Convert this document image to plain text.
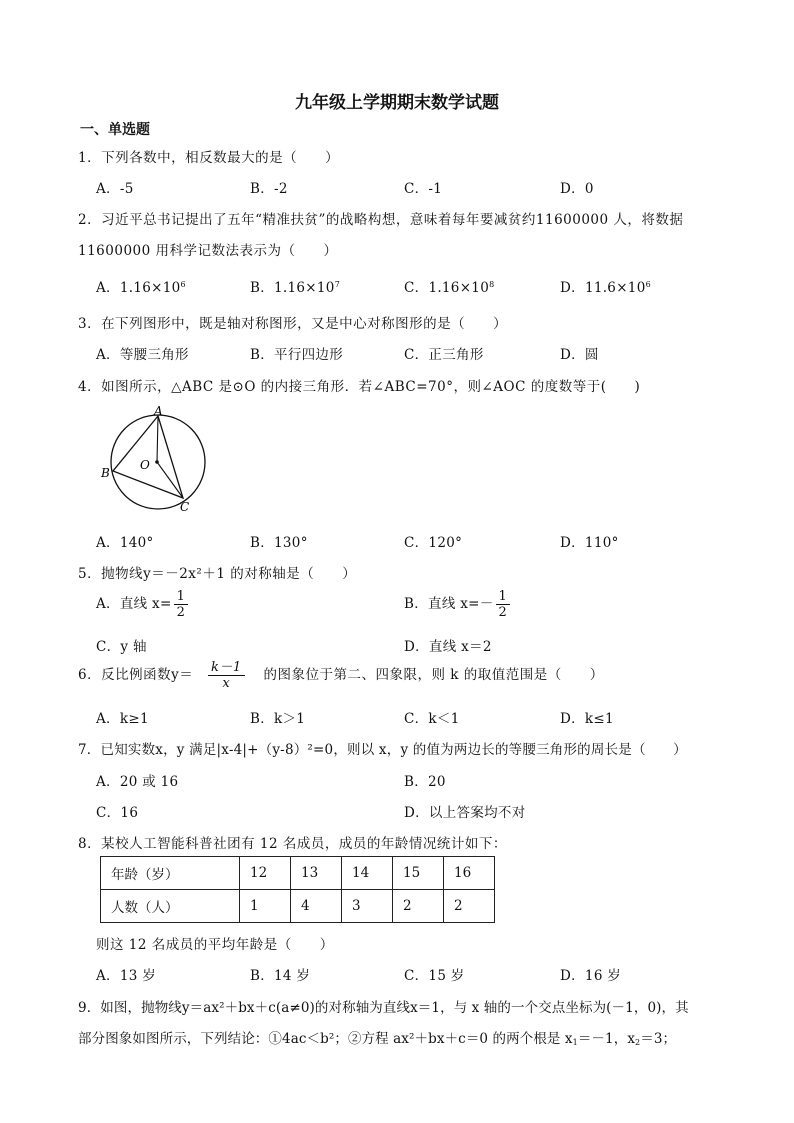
九年级上学期期末数学试题
一、单选题
1．下列各数中，相反数最大的是（　　）
A．-5	B．-2	C．-1	D．0
2．习近平总书记提出了五年“精准扶贫”的战略构想，意味着每年要减贫约11600000 人，将数据
11600000 用科学记数法表示为（　　）
A．$1.16\times 10^6$	B．$1.16\times 10^7$	C．$1.16\times 10^8$	D．$11.6\times 10^6$
3．在下列图形中，既是轴对称图形，又是中心对称图形的是（　　）
A．等腰三角形	B．平行四边形	C．正三角形	D．圆
4．如图所示，△ABC 是⊙O 的内接三角形．若∠ABC=70°，则∠AOC 的度数等于(　　)
A
B
C
O
A．140°	B．130°	C．120°	D．110°
5．抛物线y＝－2x²＋1 的对称轴是（　　）
A．直线 $x= \frac{1}{2}$	B．直线 $x=- \frac{1}{2}$
C．y 轴	D．直线 x＝2
6．反比例函数$y= \frac{k-1}{x}$ 的图象位于第二、四象限，则 k 的取值范围是（　　）
A．k≥1	B．k＞1	C．k＜1	D．k≤1
7．已知实数x，y 满足|x-4|+（y-8）²=0，则以 x，y 的值为两边长的等腰三角形的周长是（　　）
A．20 或 16	B．20
C．16	D．以上答案均不对
8．某校人工智能科普社团有 12 名成员，成员的年龄情况统计如下：
年龄（岁）	12	13	14	15	16
人数（人）	1	4	3	2	2
则这 12 名成员的平均年龄是（　　）
A．13 岁	B．14 岁	C．15 岁	D．16 岁
9．如图，抛物线y＝ax²＋bx＋c(a≠0)的对称轴为直线x＝1，与 x 轴的一个交点坐标为(－1，0)，其
部分图象如图所示，下列结论：①4ac＜b²；②方程 ax²＋bx＋c＝0 的两个根是 $x_1=-1$，$x_2=3$；
